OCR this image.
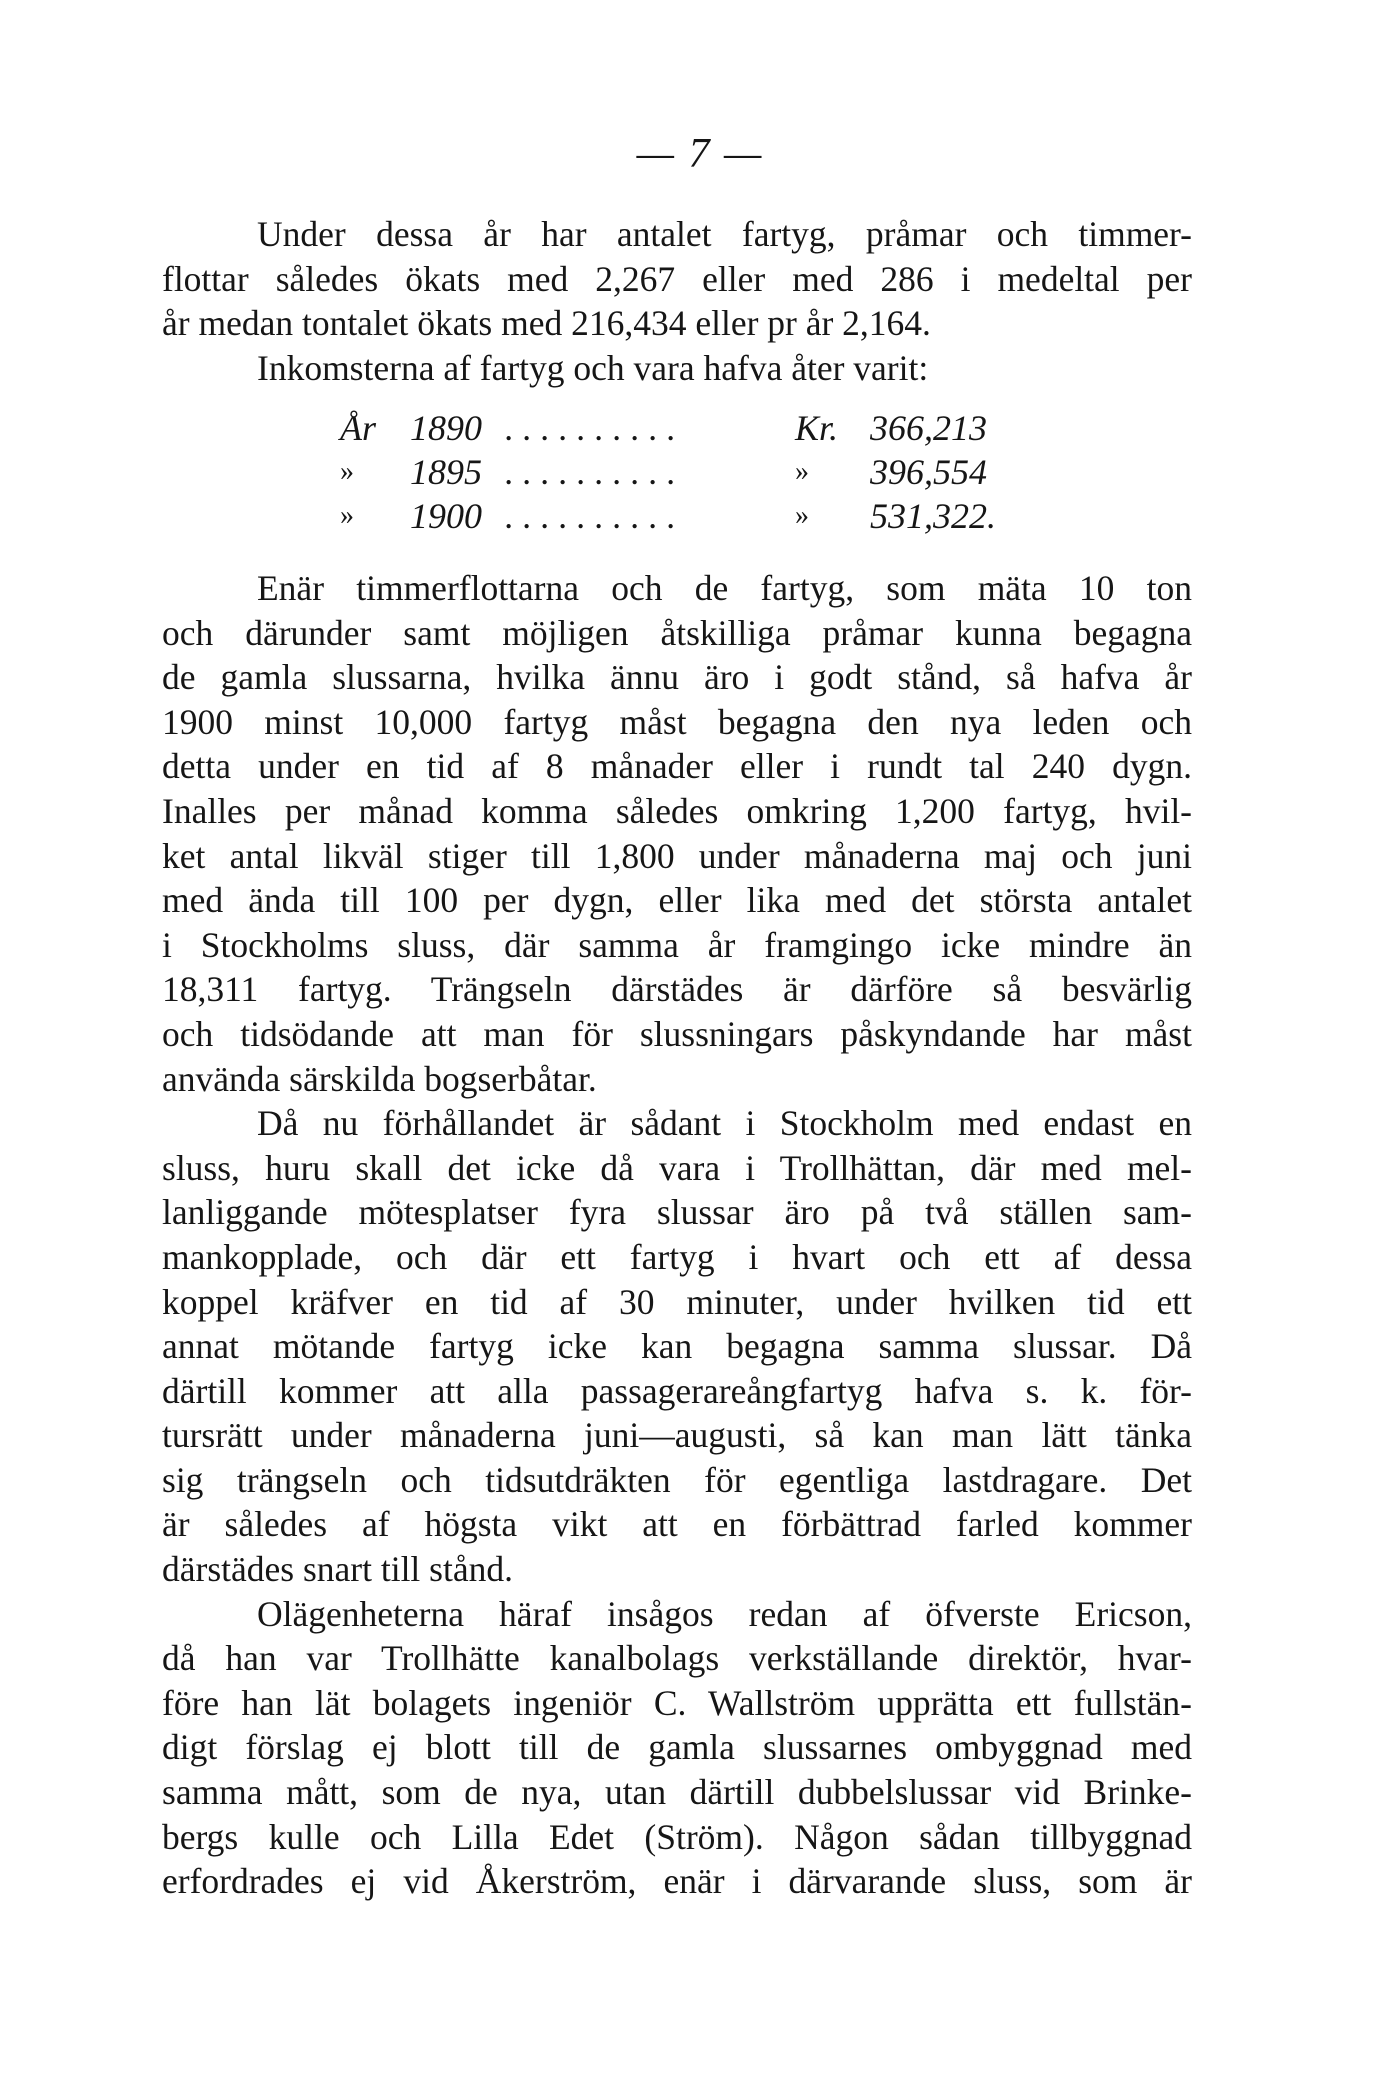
— 7 —
Under dessa år har antalet fartyg, pråmar och timmer-
flottar således ökats med 2,267 eller med 286 i medeltal per
år medan tontalet ökats med 216,434 eller pr år 2,164.
Inkomsterna af fartyg och vara hafva åter varit:
År 1890 ..........	Kr. 366,213
»	1895 ..........	»	396,554
»	1900 ..........	»	531,322.
Enär timmerflottarna och de fartyg, som mäta 10 ton
och därunder samt möjligen åtskilliga pråmar kunna begagna
de gamla slussarna, hvilka ännu äro i godt stånd, så hafva år
1900 minst 10,000 fartyg måst begagna den nya leden och
detta under en tid af 8 månader eller i rundt tal 240 dygn.
Inalles per månad komma således omkring 1,200 fartyg, hvil-
ket antal likväl stiger till 1,800 under månaderna maj och juni
med ända till 100 per dygn, eller lika med det största antalet
i Stockholms sluss, där samma år framgingo icke mindre än
18,311 fartyg. Trängseln därstädes är därföre så besvärlig
och tidsödande att man för slussningars påskyndande har måst
använda särskilda bogserbåtar.
Då nu förhållandet är sådant i Stockholm med endast en
sluss, huru skall det icke då vara i Trollhättan, där med mel-
lanliggande mötesplatser fyra slussar äro på två ställen sam-
mankopplade, och där ett fartyg i hvart och ett af dessa
koppel kräfver en tid af 30 minuter, under hvilken tid ett
annat mötande fartyg icke kan begagna samma slussar. Då
därtill kommer att alla passagerareångfartyg hafva s. k. för-
tursrätt under månaderna juni—augusti, så kan man lätt tänka
sig trängseln och tidsutdräkten för egentliga lastdragare. Det
är således af högsta vikt att en förbättrad farled kommer
därstädes snart till stånd.
Olägenheterna häraf insågos redan af öfverste Ericson,
då han var Trollhätte kanalbolags verkställande direktör, hvar-
före han lät bolagets ingeniör C. Wallström upprätta ett fullstän-
digt förslag ej blott till de gamla slussarnes ombyggnad med
samma mått, som de nya, utan därtill dubbelslussar vid Brinke-
bergs kulle och Lilla Edet (Ström). Någon sådan tillbyggnad
erfordrades ej vid Åkerström, enär i därvarande sluss, som är
